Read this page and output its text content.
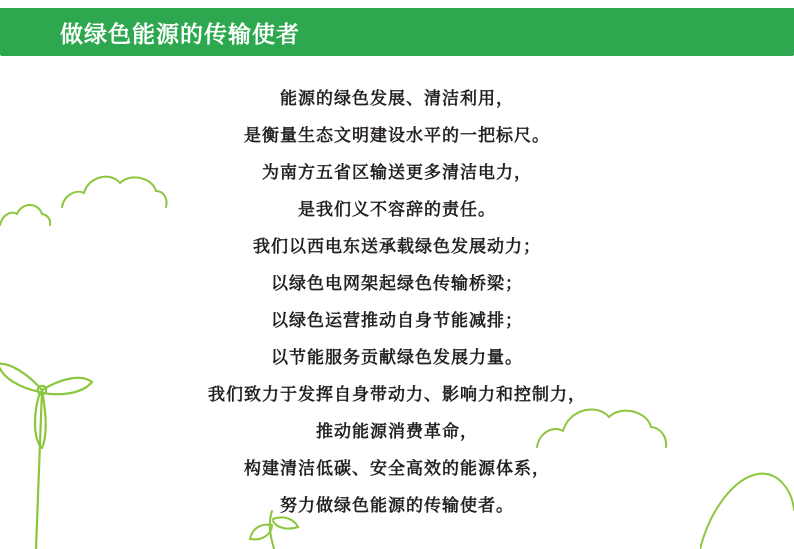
做绿色能源的传输使者
能源的绿色发展、清洁利用，
是衡量生态文明建设水平的一把标尺。
为南方五省区输送更多清洁电力，
是我们义不容辞的责任。
我们以西电东送承载绿色发展动力；
以绿色电网架起绿色传输桥梁；
以绿色运营推动自身节能减排；
以节能服务贡献绿色发展力量。
我们致力于发挥自身带动力、影响力和控制力，
推动能源消费革命，
构建清洁低碳、安全高效的能源体系，
努力做绿色能源的传输使者。
